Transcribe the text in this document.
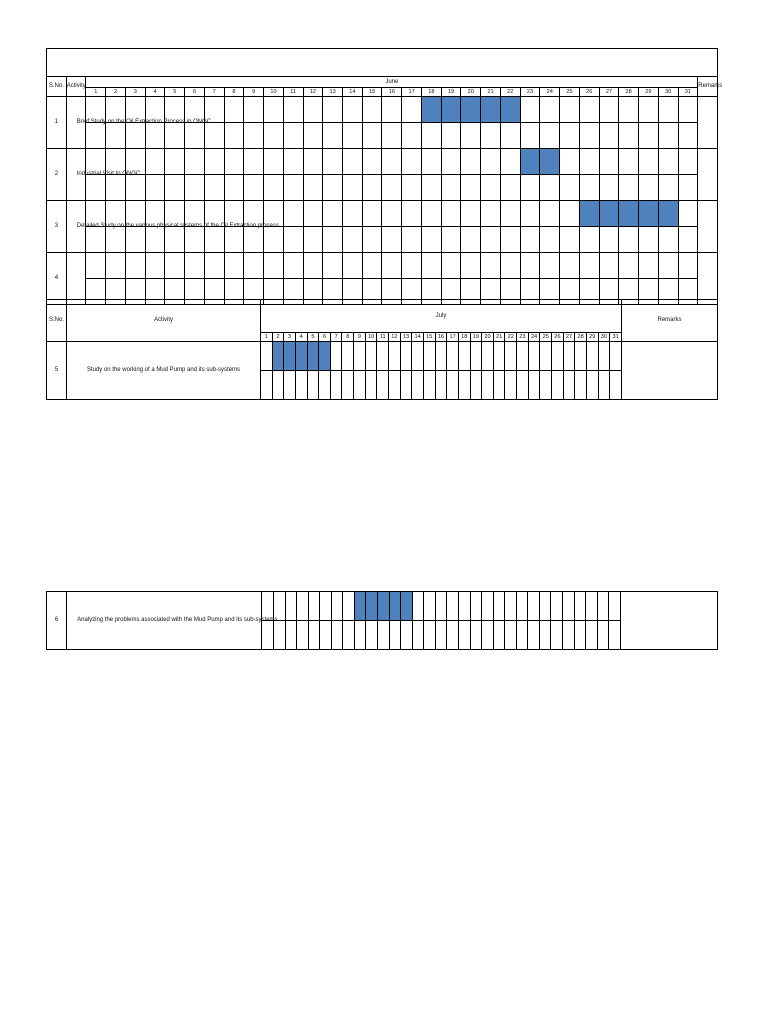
S.No.	Activity	June																															Remarks
		1	2	3	4	5	6	7	8	9	10	11	12	13	14	15	16	17	18	19	20	21	22	23	24	25	26	27	28	29	30	31	
1	Brief Study on the Oil Extraction Process in ONGC																																

2	Industrial Visit to ONGC																																

3	Detailed Study on the various physical systems of the Oil Extraction process																																

4	

S.No.	Activity	July																															Remarks
		1	2	3	4	5	6	7	8	9	10	11	12	13	14	15	16	17	18	19	20	21	22	23	24	25	26	27	28	29	30	31	
5	Study on the working of a Mud Pump and its sub-systems																																

6	Analyzing the problems associated with the Mud Pump and its sub-systems																																
